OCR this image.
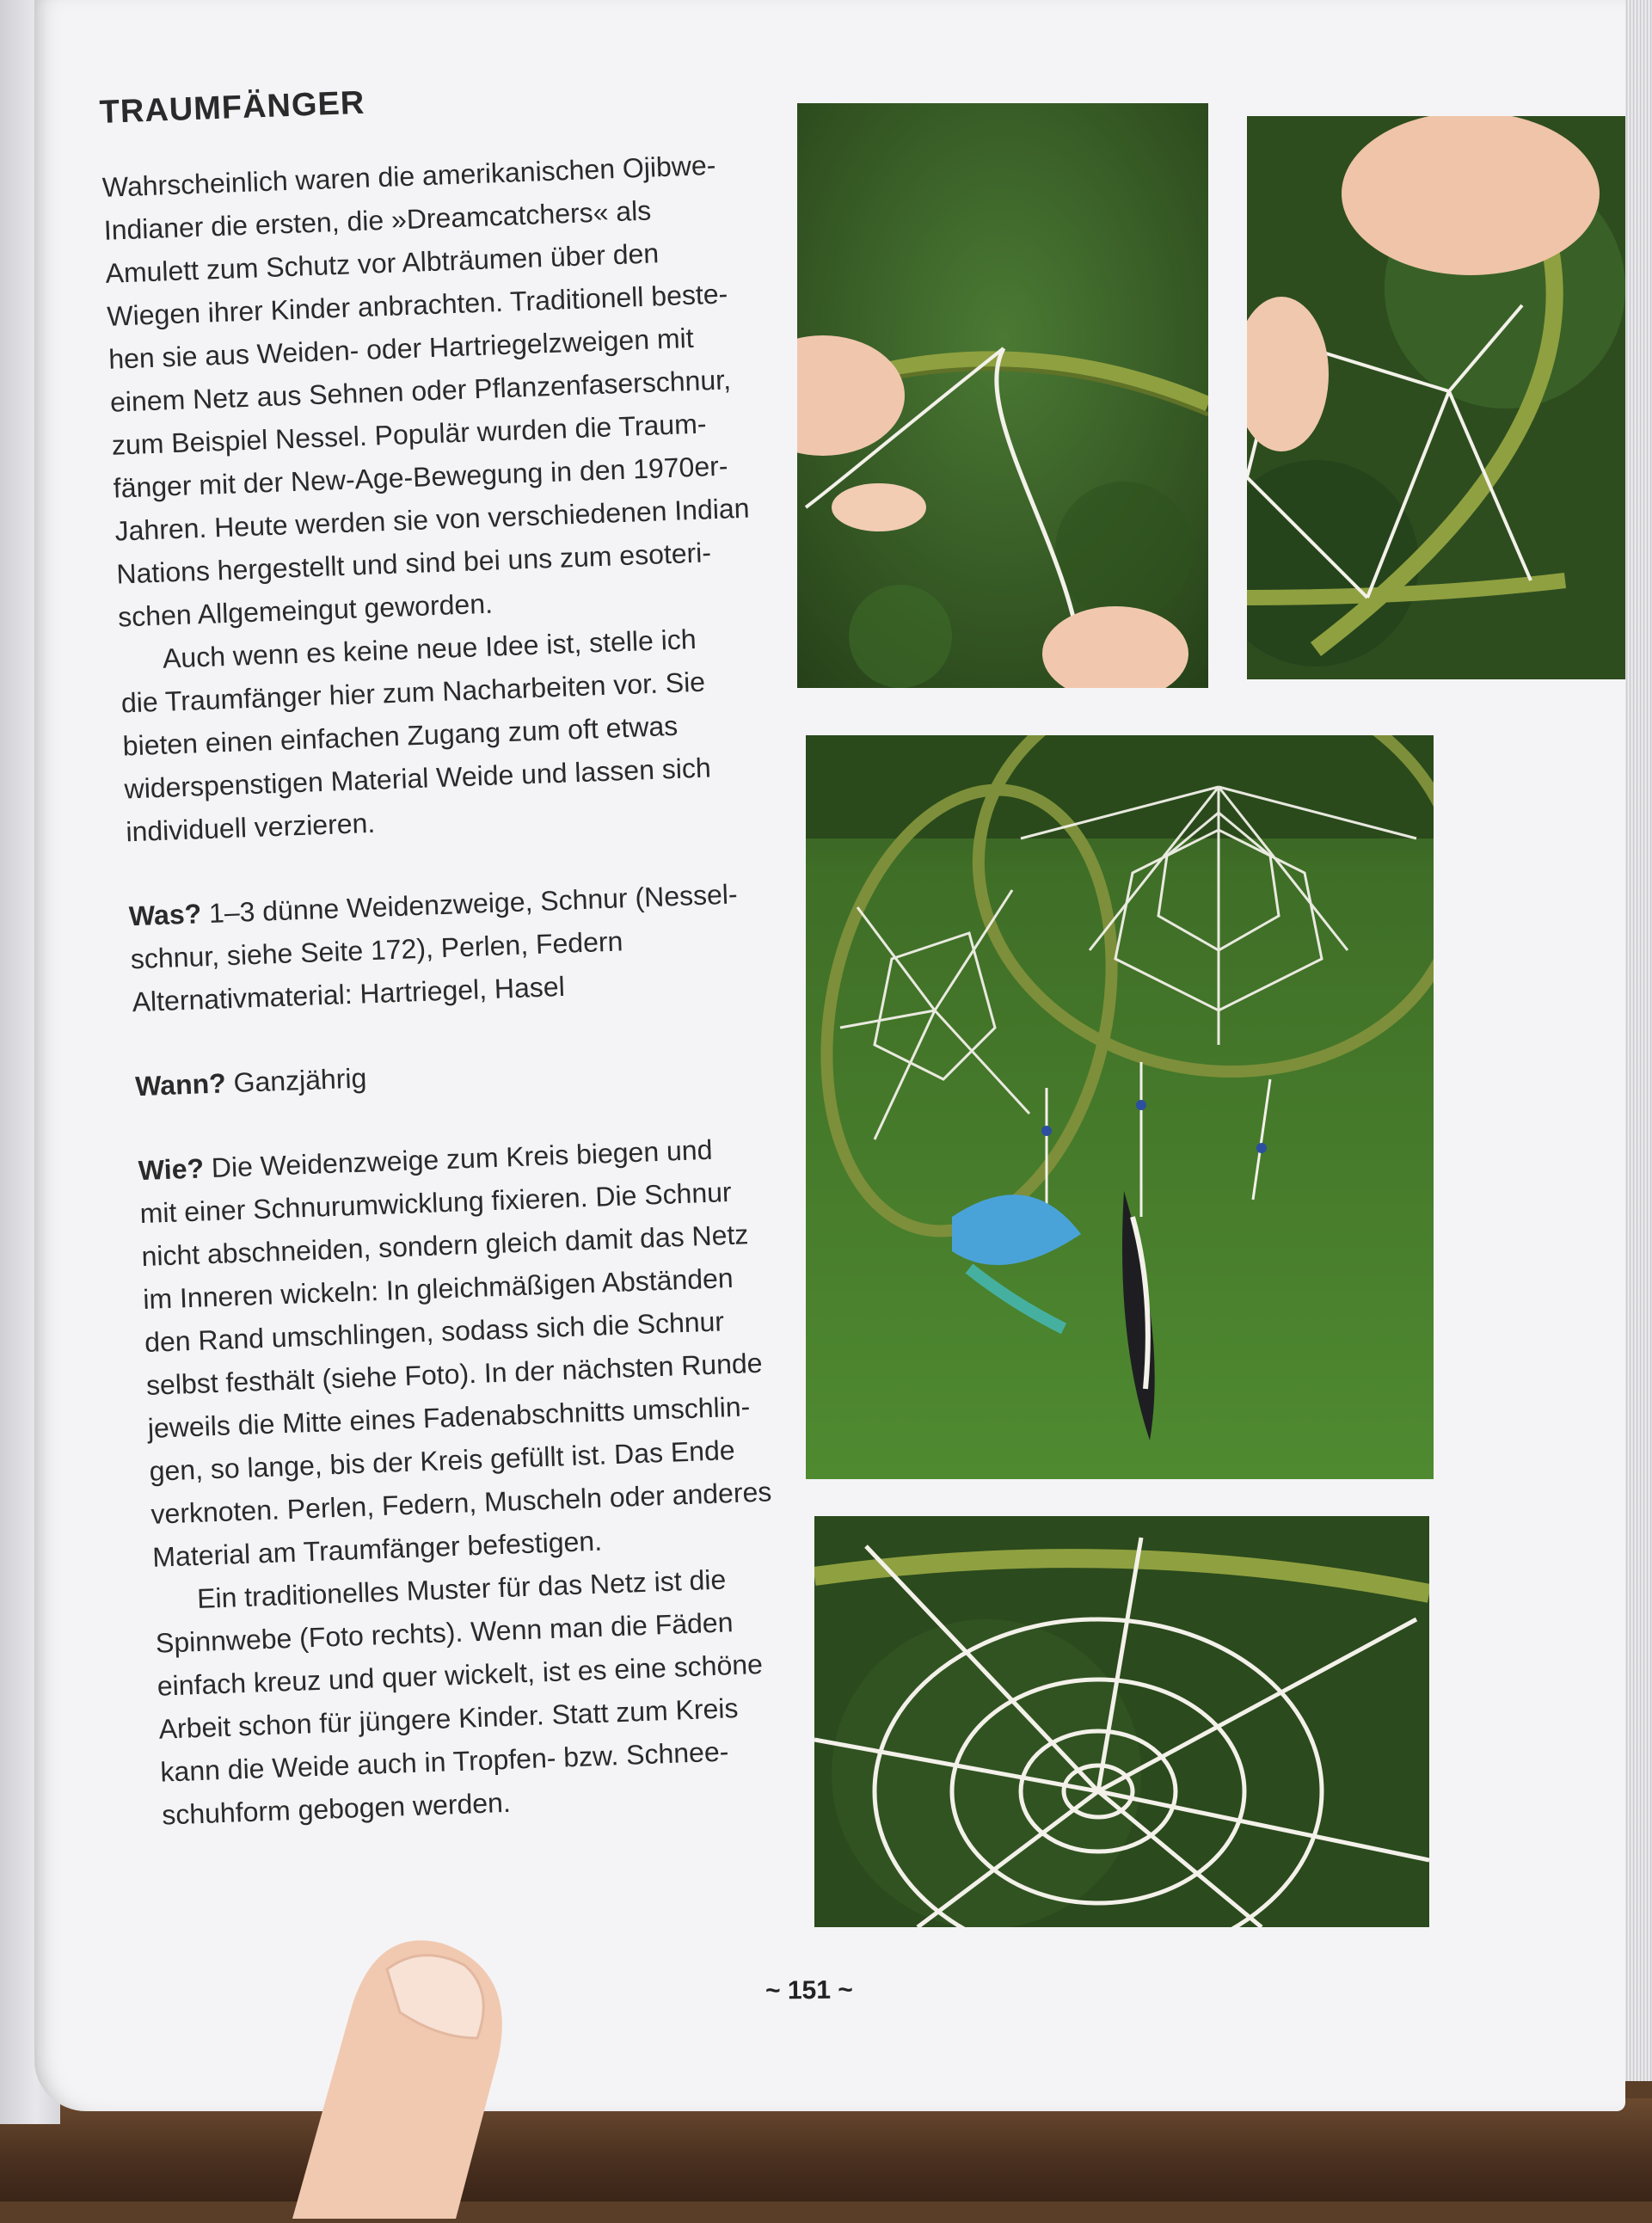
TRAUMFÄNGER

Wahrscheinlich waren die amerikanischen Ojibwe-
Indianer die ersten, die »Dreamcatchers« als
Amulett zum Schutz vor Albträumen über den
Wiegen ihrer Kinder anbrachten. Traditionell beste-
hen sie aus Weiden- oder Hartriegelzweigen mit
einem Netz aus Sehnen oder Pflanzenfaserschnur,
zum Beispiel Nessel. Populär wurden die Traum-
fänger mit der New-Age-Bewegung in den 1970er-
Jahren. Heute werden sie von verschiedenen Indian
Nations hergestellt und sind bei uns zum esoteri-
schen Allgemeingut geworden.

Auch wenn es keine neue Idee ist, stelle ich
die Traumfänger hier zum Nacharbeiten vor. Sie
bieten einen einfachen Zugang zum oft etwas
widerspenstigen Material Weide und lassen sich
individuell verzieren.

Was? 1–3 dünne Weidenzweige, Schnur (Nessel-
schnur, siehe Seite 172), Perlen, Federn
Alternativmaterial: Hartriegel, Hasel

Wann? Ganzjährig

Wie? Die Weidenzweige zum Kreis biegen und
mit einer Schnurumwicklung fixieren. Die Schnur
nicht abschneiden, sondern gleich damit das Netz
im Inneren wickeln: In gleichmäßigen Abständen
den Rand umschlingen, sodass sich die Schnur
selbst festhält (siehe Foto). In der nächsten Runde
jeweils die Mitte eines Fadenabschnitts umschlin-
gen, so lange, bis der Kreis gefüllt ist. Das Ende
verknoten. Perlen, Federn, Muscheln oder anderes
Material am Traumfänger befestigen.

Ein traditionelles Muster für das Netz ist die
Spinnwebe (Foto rechts). Wenn man die Fäden
einfach kreuz und quer wickelt, ist es eine schöne
Arbeit schon für jüngere Kinder. Statt zum Kreis
kann die Weide auch in Tropfen- bzw. Schnee-
schuhform gebogen werden.

~ 151 ~
